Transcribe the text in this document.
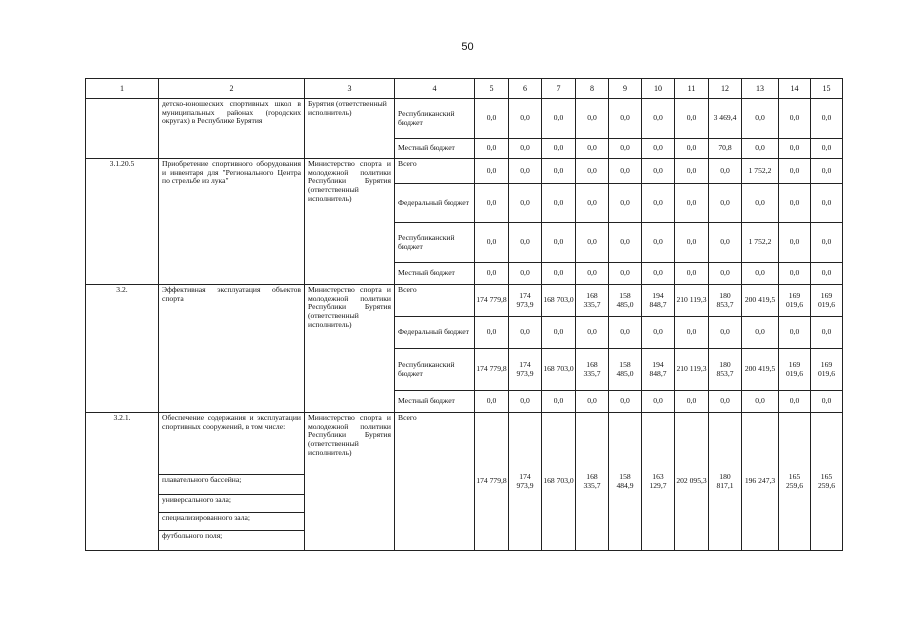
50
1	2	3	4	5	6	7	8	9	10	11	12	13	14	15
	детско-юношеских спортивных школ в муниципальных районах (городских округах) в Республике Бурятия	Бурятия (ответственный исполнитель)	Республиканский бюджет	0,0	0,0	0,0	0,0	0,0	0,0	0,0	3 469,4	0,0	0,0	0,0
			Местный бюджет	0,0	0,0	0,0	0,0	0,0	0,0	0,0	70,8	0,0	0,0	0,0
3.1.20.5	Приобретение спортивного оборудования и инвентаря для "Регионального Центра по стрельбе из лука"	Министерство спорта и молодежной политики Республики Бурятия (ответственный исполнитель)	Всего	0,0	0,0	0,0	0,0	0,0	0,0	0,0	0,0	1 752,2	0,0	0,0
			Федеральный бюджет	0,0	0,0	0,0	0,0	0,0	0,0	0,0	0,0	0,0	0,0	0,0
			Республиканский бюджет	0,0	0,0	0,0	0,0	0,0	0,0	0,0	0,0	1 752,2	0,0	0,0
			Местный бюджет	0,0	0,0	0,0	0,0	0,0	0,0	0,0	0,0	0,0	0,0	0,0
3.2.	Эффективная эксплуатация объектов спорта	Министерство спорта и молодежной политики Республики Бурятия (ответственный исполнитель)	Всего	174 779,8	174 973,9	168 703,0	168 335,7	158 485,0	194 848,7	210 119,3	180 853,7	200 419,5	169 019,6	169 019,6
			Федеральный бюджет	0,0	0,0	0,0	0,0	0,0	0,0	0,0	0,0	0,0	0,0	0,0
			Республиканский бюджет	174 779,8	174 973,9	168 703,0	168 335,7	158 485,0	194 848,7	210 119,3	180 853,7	200 419,5	169 019,6	169 019,6
			Местный бюджет	0,0	0,0	0,0	0,0	0,0	0,0	0,0	0,0	0,0	0,0	0,0
3.2.1.	Обеспечение содержания и эксплуатации спортивных сооружений, в том числе:	Министерство спорта и молодежной политики Республики Бурятия (ответственный исполнитель)	Всего	174 779,8	174 973,9	168 703,0	168 335,7	158 484,9	163 129,7	202 095,3	180 817,1	196 247,3	165 259,6	165 259,6
	плавательного бассейна;													
	универсального зала;													
	специализированного зала;													
	футбольного поля;													
